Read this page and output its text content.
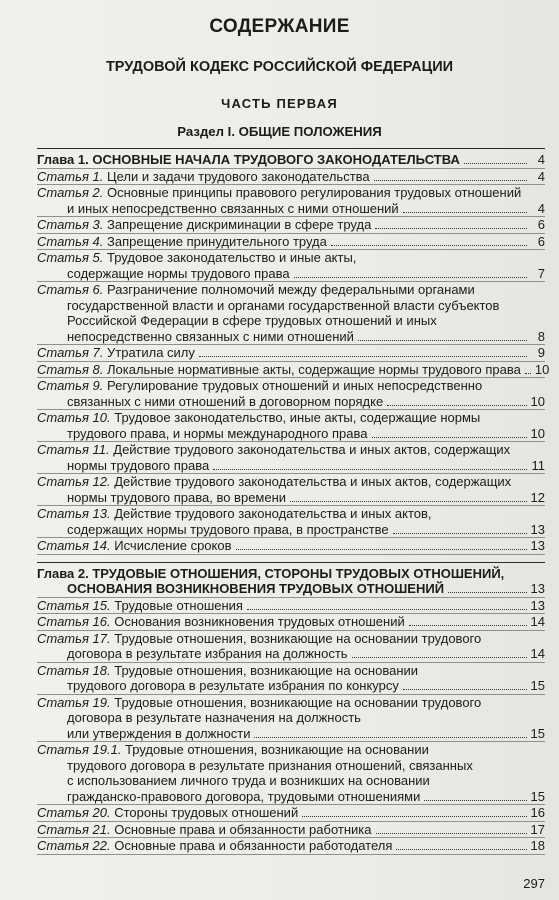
СОДЕРЖАНИЕ
ТРУДОВОЙ КОДЕКС РОССИЙСКОЙ ФЕДЕРАЦИИ
ЧАСТЬ ПЕРВАЯ
Раздел I. ОБЩИЕ ПОЛОЖЕНИЯ
Глава 1. ОСНОВНЫЕ НАЧАЛА ТРУДОВОГО ЗАКОНОДАТЕЛЬСТВА	4
Статья 1. Цели и задачи трудового законодательства	4
Статья 2. Основные принципы правового регулирования трудовых отношений
и иных непосредственно связанных с ними отношений	4
Статья 3. Запрещение дискриминации в сфере труда	6
Статья 4. Запрещение принудительного труда	6
Статья 5. Трудовое законодательство и иные акты,
содержащие нормы трудового права	7
Статья 6. Разграничение полномочий между федеральными органами
государственной власти и органами государственной власти субъектов
Российской Федерации в сфере трудовых отношений и иных
непосредственно связанных с ними отношений	8
Статья 7. Утратила силу	9
Статья 8. Локальные нормативные акты, содержащие нормы трудового права 10
Статья 9. Регулирование трудовых отношений и иных непосредственно
связанных с ними отношений в договорном порядке	10
Статья 10. Трудовое законодательство, иные акты, содержащие нормы
трудового права, и нормы международного права	10
Статья 11. Действие трудового законодательства и иных актов, содержащих
нормы трудового права	11
Статья 12. Действие трудового законодательства и иных актов, содержащих
нормы трудового права, во времени	12
Статья 13. Действие трудового законодательства и иных актов,
содержащих нормы трудового права, в пространстве	13
Статья 14. Исчисление сроков	13
Глава 2. ТРУДОВЫЕ ОТНОШЕНИЯ, СТОРОНЫ ТРУДОВЫХ ОТНОШЕНИЙ,
ОСНОВАНИЯ ВОЗНИКНОВЕНИЯ ТРУДОВЫХ ОТНОШЕНИЙ	13
Статья 15. Трудовые отношения	13
Статья 16. Основания возникновения трудовых отношений	14
Статья 17. Трудовые отношения, возникающие на основании трудового
договора в результате избрания на должность	14
Статья 18. Трудовые отношения, возникающие на основании
трудового договора в результате избрания по конкурсу	15
Статья 19. Трудовые отношения, возникающие на основании трудового
договора в результате назначения на должность
или утверждения в должности	15
Статья 19.1. Трудовые отношения, возникающие на основании
трудового договора в результате признания отношений, связанных
с использованием личного труда и возникших на основании
гражданско-правового договора, трудовыми отношениями	15
Статья 20. Стороны трудовых отношений	16
Статья 21. Основные права и обязанности работника	17
Статья 22. Основные права и обязанности работодателя	18
297
